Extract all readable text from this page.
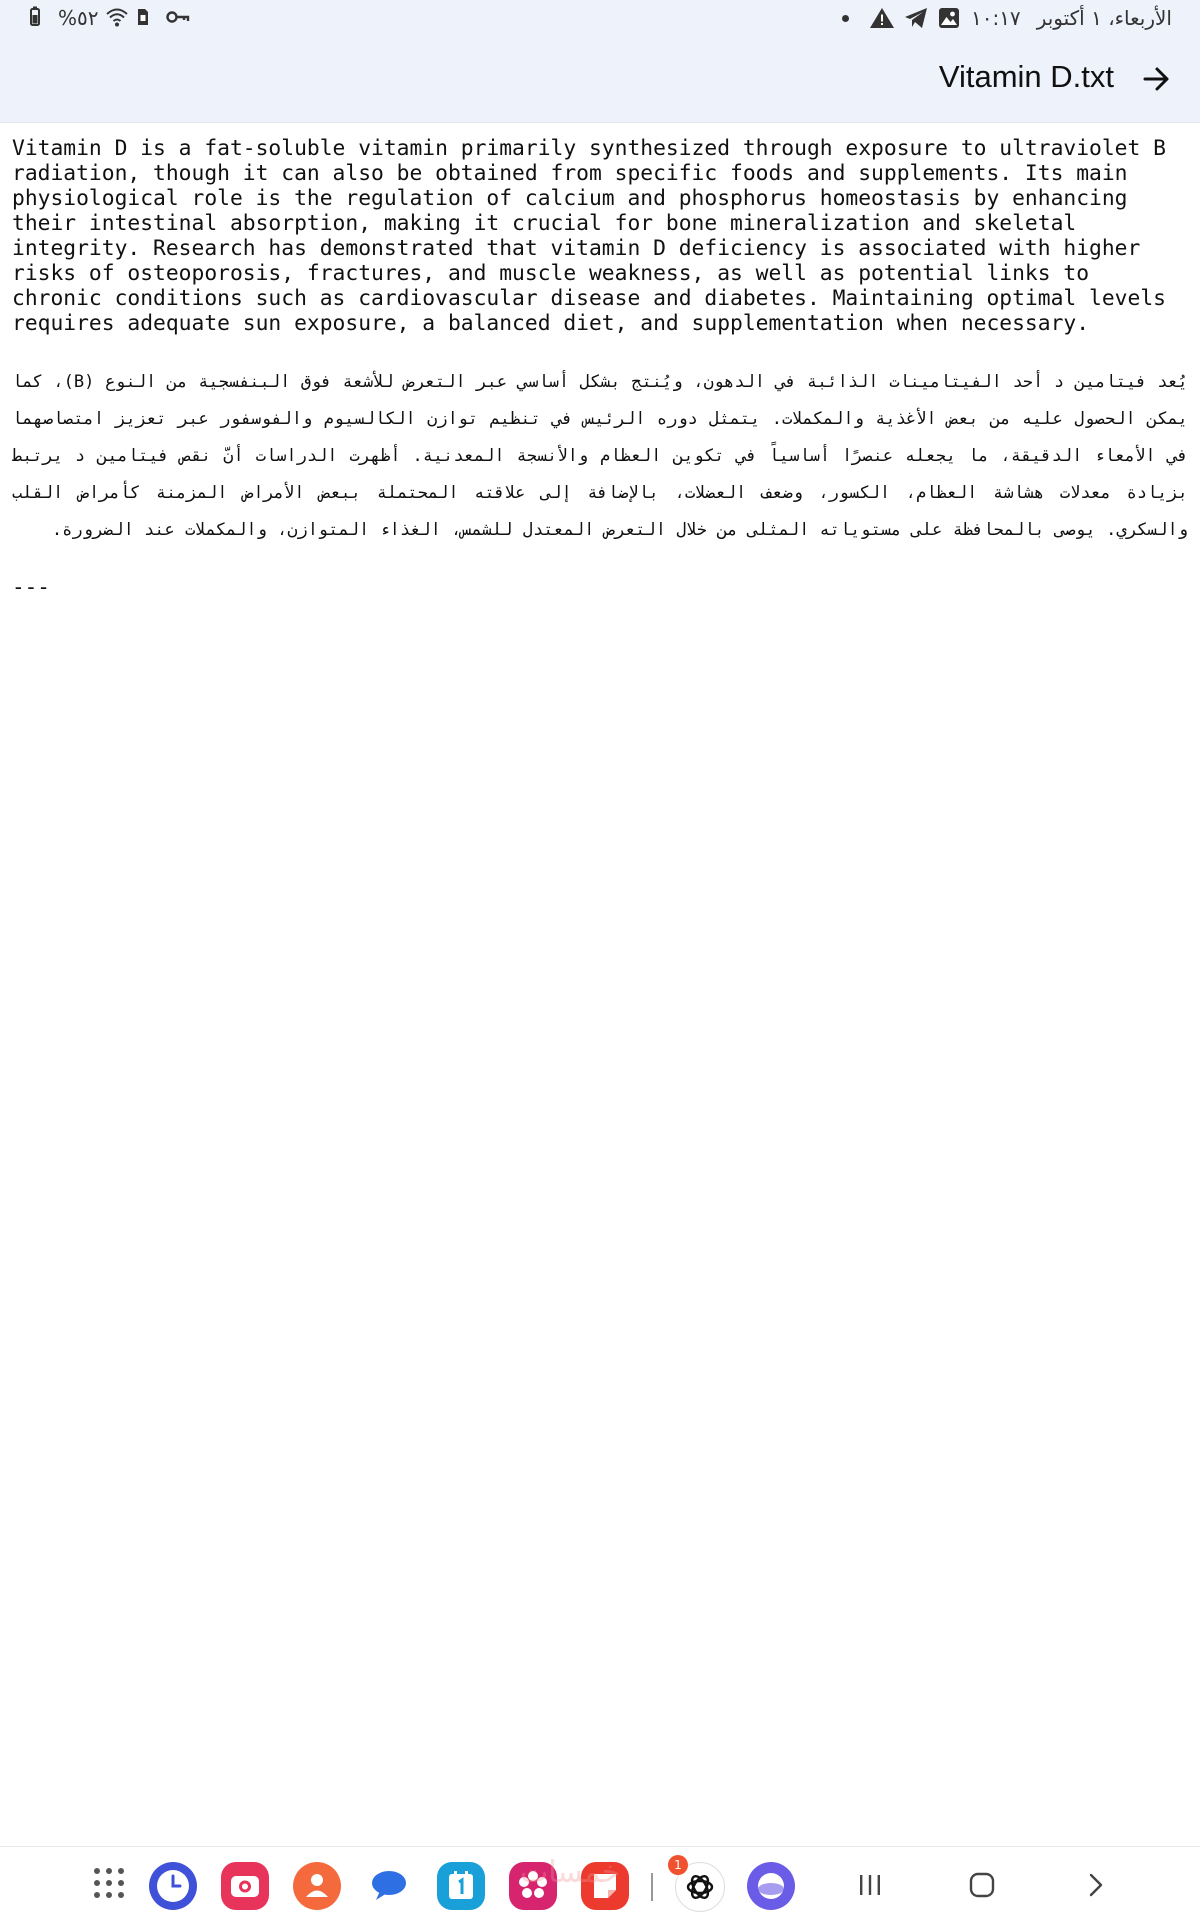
%٥٢	١٠:١٧ الأربعاء، ١ أكتوبر
Vitamin D.txt

Vitamin D is a fat-soluble vitamin primarily synthesized through exposure to ultraviolet B radiation, though it can also be obtained from specific foods and supplements. Its main physiological role is the regulation of calcium and phosphorus homeostasis by enhancing their intestinal absorption, making it crucial for bone mineralization and skeletal integrity. Research has demonstrated that vitamin D deficiency is associated with higher risks of osteoporosis, fractures, and muscle weakness, as well as potential links to chronic conditions such as cardiovascular disease and diabetes. Maintaining optimal levels requires adequate sun exposure, a balanced diet, and supplementation when necessary.

يُعد فيتامين د أحد الفيتامينات الذائبة في الدهون، ويُنتج بشكل أساسي عبر التعرض للأشعة فوق البنفسجية من النوع (B)، كما يمكن الحصول عليه من بعض الأغذية والمكملات. يتمثل دوره الرئيس في تنظيم توازن الكالسيوم والفوسفور عبر تعزيز امتصاصهما في الأمعاء الدقيقة، ما يجعله عنصرًا أساسياً في تكوين العظام والأنسجة المعدنية. أظهرت الدراسات أنّ نقص فيتامين د يرتبط بزيادة معدلات هشاشة العظام، الكسور، وضعف العضلات، بالإضافة إلى علاقته المحتملة ببعض الأمراض المزمنة كأمراض القلب والسكري. يوصى بالمحافظة على مستوياته المثلى من خلال التعرض المعتدل للشمس، الغذاء المتوازن، والمكملات عند الضرورة.

---

خمسات	1
